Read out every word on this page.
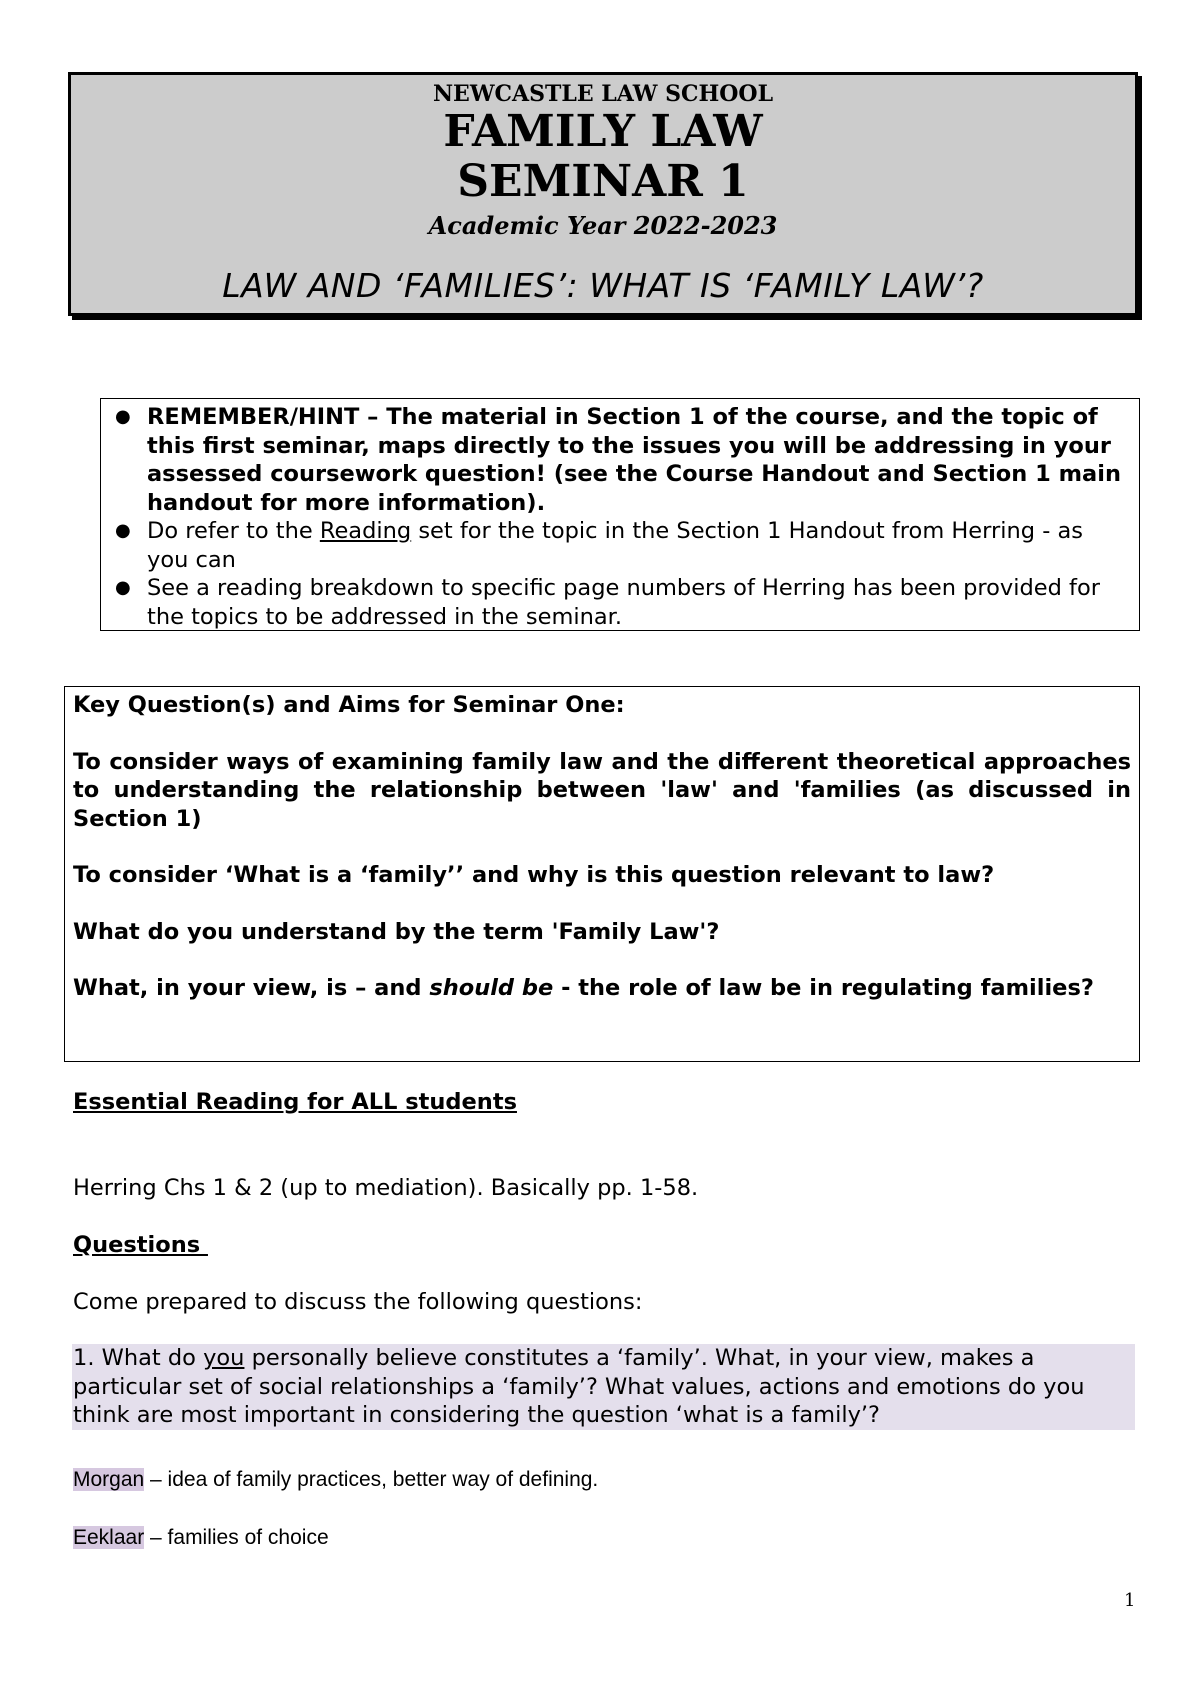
NEWCASTLE LAW SCHOOL
FAMILY LAW
SEMINAR 1
Academic Year 2022-2023
LAW AND ‘FAMILIES’: WHAT IS ‘FAMILY LAW’?
● REMEMBER/HINT – The material in Section 1 of the course, and the topic of this first seminar, maps directly to the issues you will be addressing in your assessed coursework question! (see the Course Handout and Section 1 main handout for more information).
● Do refer to the Reading set for the topic in the Section 1 Handout from Herring - as you can
● See a reading breakdown to specific page numbers of Herring has been provided for the topics to be addressed in the seminar.

Key Question(s) and Aims for Seminar One:

To consider ways of examining family law and the different theoretical approaches to understanding the relationship between 'law' and 'families (as discussed in Section 1)

To consider ‘What is a ‘family’’ and why is this question relevant to law?

What do you understand by the term 'Family Law'?

What, in your view, is – and should be - the role of law be in regulating families?

Essential Reading for ALL students
Herring Chs 1 & 2 (up to mediation). Basically pp. 1-58.
Questions
Come prepared to discuss the following questions:
1. What do you personally believe constitutes a ‘family’. What, in your view, makes a particular set of social relationships a ‘family’? What values, actions and emotions do you think are most important in considering the question ‘what is a family’?
Morgan – idea of family practices, better way of defining.
Eeklaar – families of choice
1
